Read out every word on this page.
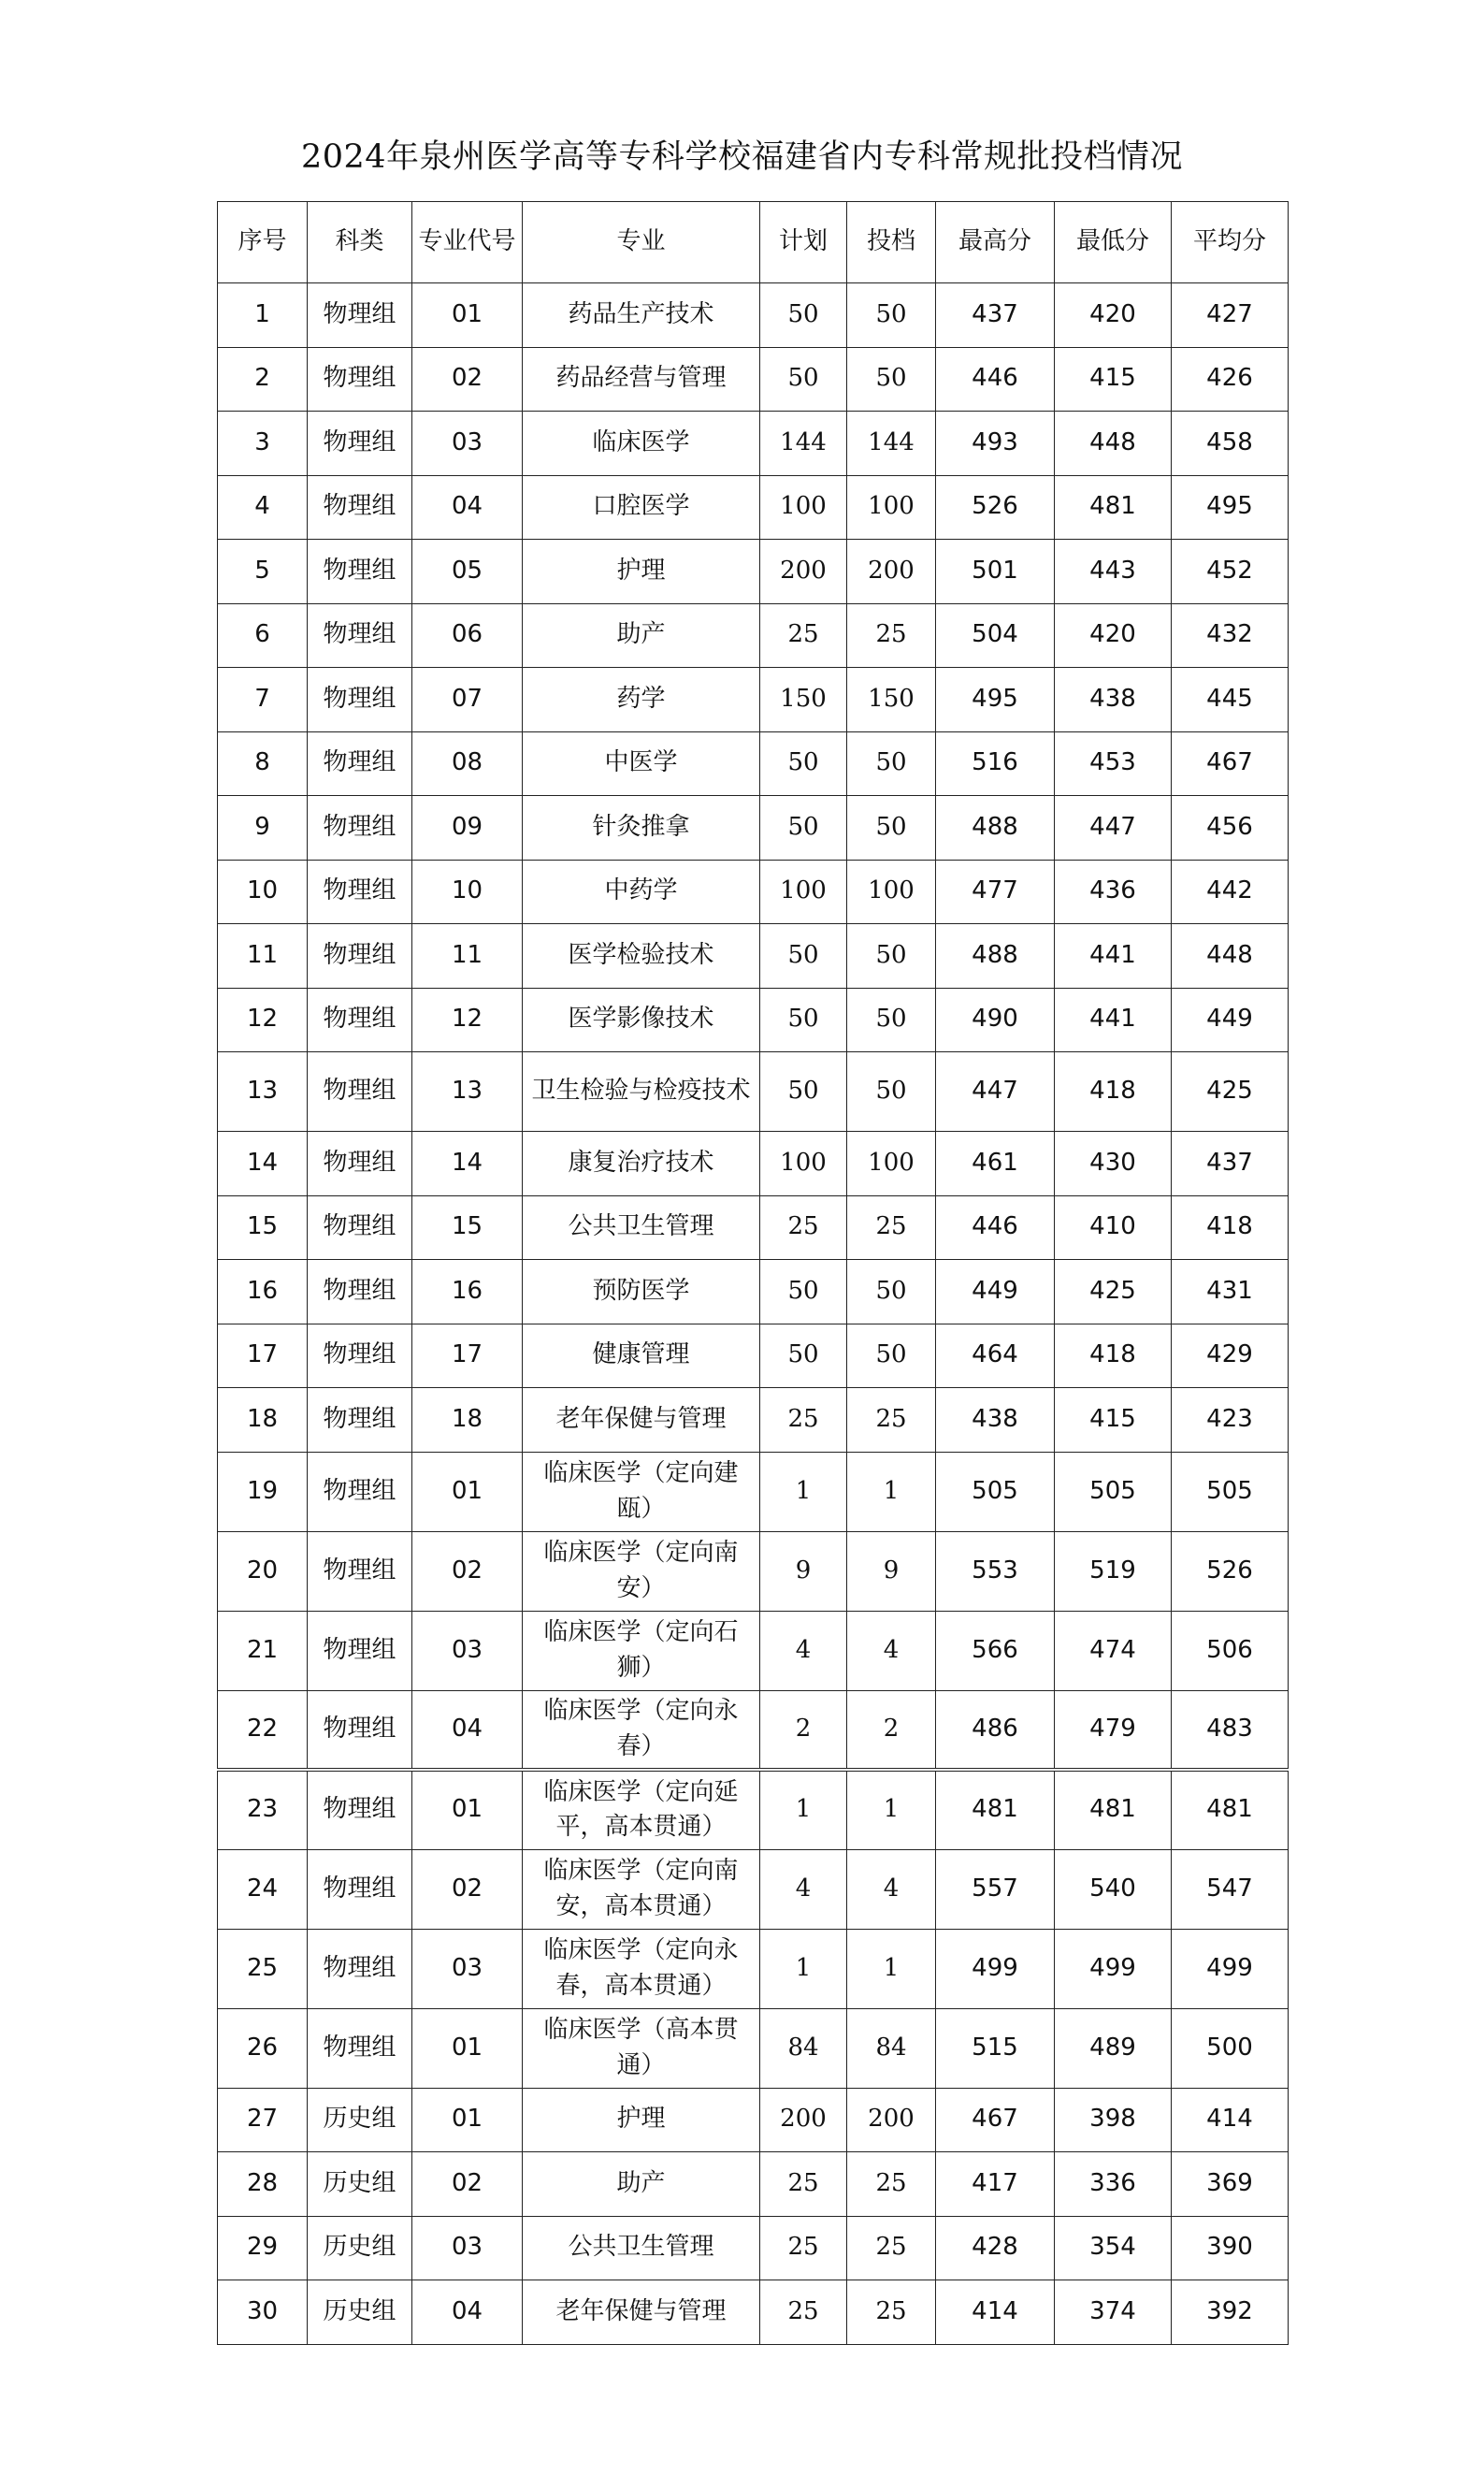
2024年泉州医学高等专科学校福建省内专科常规批投档情况
序号	科类	专业代号	专业	计划	投档	最高分	最低分	平均分
1	物理组	01	药品生产技术	50	50	437	420	427
2	物理组	02	药品经营与管理	50	50	446	415	426
3	物理组	03	临床医学	144	144	493	448	458
4	物理组	04	口腔医学	100	100	526	481	495
5	物理组	05	护理	200	200	501	443	452
6	物理组	06	助产	25	25	504	420	432
7	物理组	07	药学	150	150	495	438	445
8	物理组	08	中医学	50	50	516	453	467
9	物理组	09	针灸推拿	50	50	488	447	456
10	物理组	10	中药学	100	100	477	436	442
11	物理组	11	医学检验技术	50	50	488	441	448
12	物理组	12	医学影像技术	50	50	490	441	449
13	物理组	13	卫生检验与检疫技术	50	50	447	418	425
14	物理组	14	康复治疗技术	100	100	461	430	437
15	物理组	15	公共卫生管理	25	25	446	410	418
16	物理组	16	预防医学	50	50	449	425	431
17	物理组	17	健康管理	50	50	464	418	429
18	物理组	18	老年保健与管理	25	25	438	415	423
19	物理组	01	临床医学（定向建瓯）	1	1	505	505	505
20	物理组	02	临床医学（定向南安）	9	9	553	519	526
21	物理组	03	临床医学（定向石狮）	4	4	566	474	506
22	物理组	04	临床医学（定向永春）	2	2	486	479	483
23	物理组	01	临床医学（定向延平，高本贯通）	1	1	481	481	481
24	物理组	02	临床医学（定向南安，高本贯通）	4	4	557	540	547
25	物理组	03	临床医学（定向永春，高本贯通）	1	1	499	499	499
26	物理组	01	临床医学（高本贯通）	84	84	515	489	500
27	历史组	01	护理	200	200	467	398	414
28	历史组	02	助产	25	25	417	336	369
29	历史组	03	公共卫生管理	25	25	428	354	390
30	历史组	04	老年保健与管理	25	25	414	374	392
